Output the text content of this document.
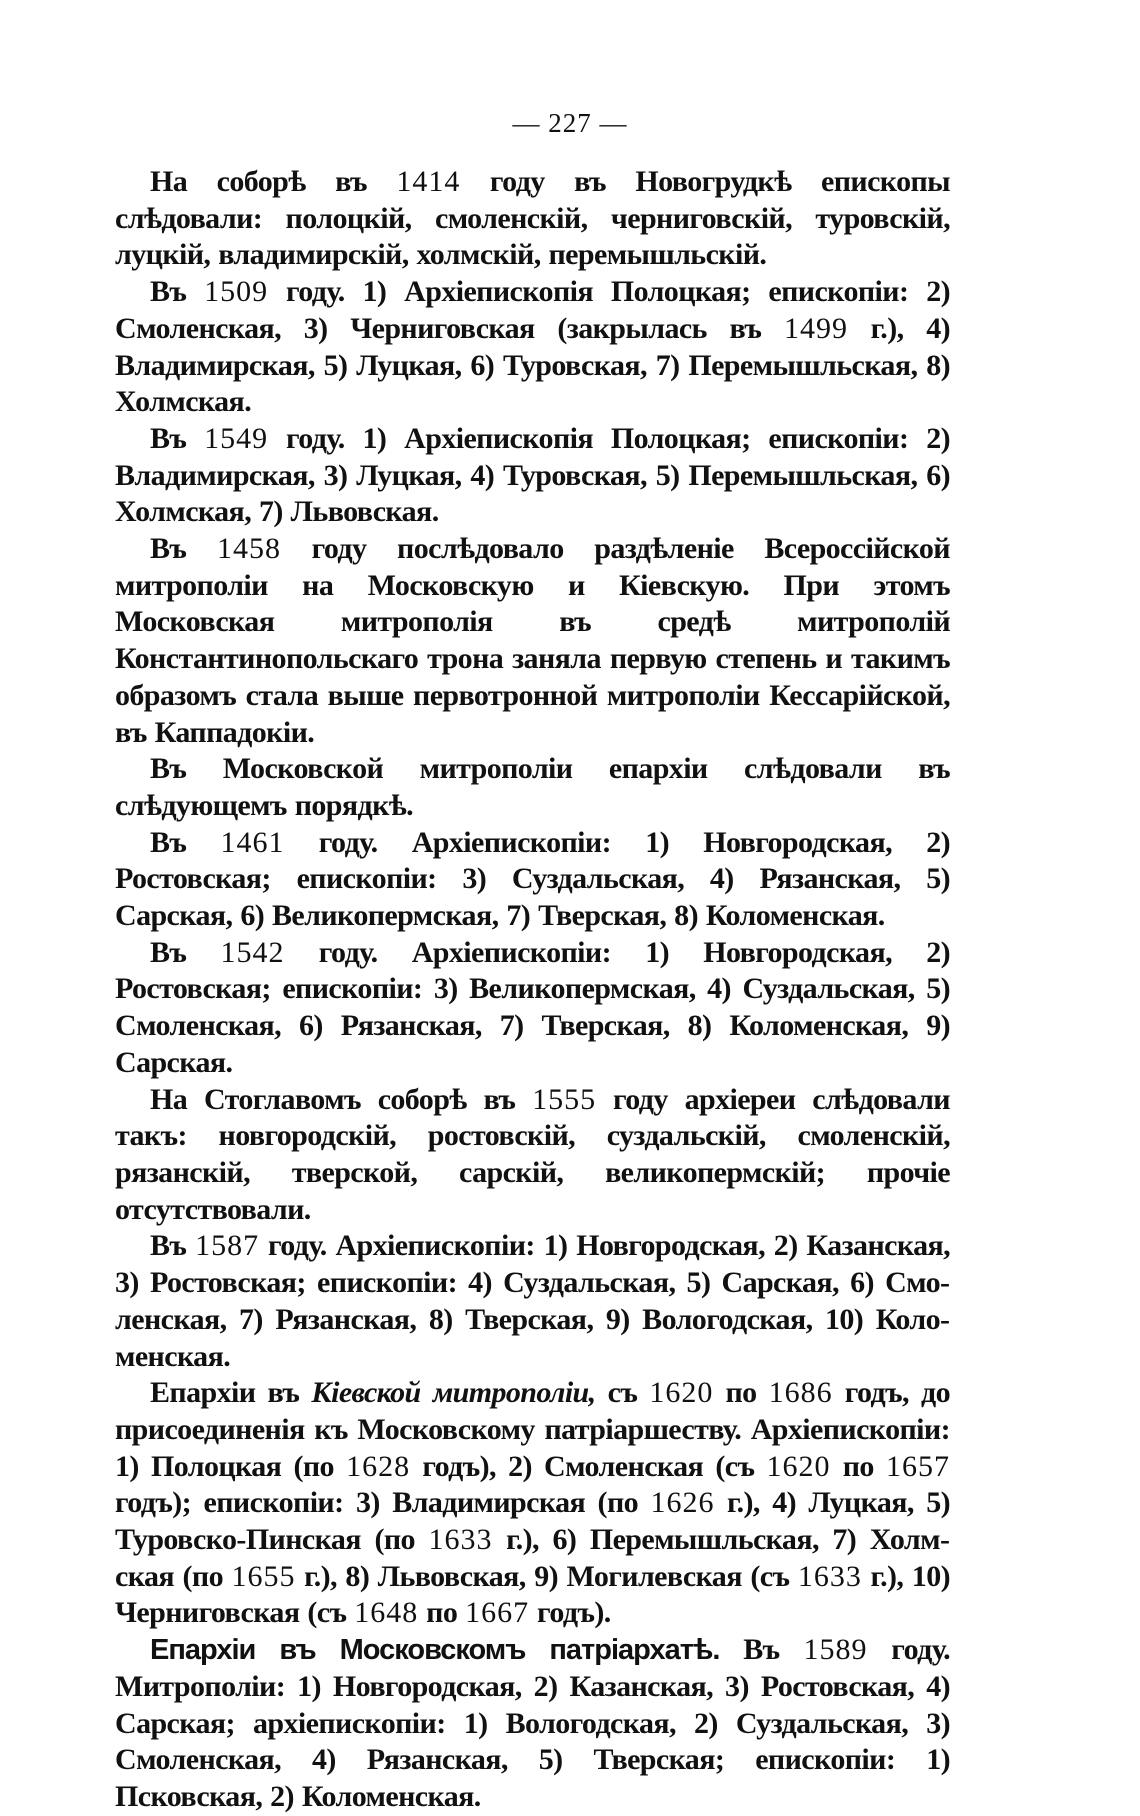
— 227 —

На соборѣ въ 1414 году въ Новогрудкѣ епископы слѣдовали: полоцкій, смоленскій, черниговскій, туровскій, луцкій, владимирскій, холмскій, перемышльскій.

Въ 1509 году. 1) Архіепископія Полоцкая; епископіи: 2) Смоленская, 3) Черниговская (закрылась въ 1499 г.), 4) Владимирская, 5) Луцкая, 6) Туровская, 7) Перемышльская, 8) Холмская.

Въ 1549 году. 1) Архіепископія Полоцкая; епископіи: 2) Владимирская, 3) Луцкая, 4) Туровская, 5) Перемышльская, 6) Холмская, 7) Львовская.

Въ 1458 году послѣдовало раздѣленіе Всероссійской митрополіи на Московскую и Кіевскую. При этомъ Московская митрополія въ средѣ митрополій Константинопольскаго трона заняла первую степень и такимъ образомъ стала выше первотронной митрополіи Кессарійской, въ Каппадокіи.

Въ Московской митрополіи епархіи слѣдовали въ слѣдующемъ порядкѣ.

Въ 1461 году. Архіепископіи: 1) Новгородская, 2) Ростовская; епископіи: 3) Суздальская, 4) Рязанская, 5) Сарская, 6) Великопермская, 7) Тверская, 8) Коломенская.

Въ 1542 году. Архіепископіи: 1) Новгородская, 2) Ростовская; епископіи: 3) Великопермская, 4) Суздальская, 5) Смоленская, 6) Рязанская, 7) Тверская, 8) Коломенская, 9) Сарская.

На Стоглавомъ соборѣ въ 1555 году архіереи слѣдовали такъ: новгородскій, ростовскій, суздальскій, смоленскій, рязанскій, тверской, сарскій, великопермскій; прочіе отсутствовали.

Въ 1587 году. Архіепископіи: 1) Новгородская, 2) Казанская, 3) Ростовская; епископіи: 4) Суздальская, 5) Сарская, 6) Смоленская, 7) Рязанская, 8) Тверская, 9) Вологодская, 10) Коломенская.

Епархіи въ Кіевской митрополіи, съ 1620 по 1686 годъ, до присоединенія къ Московскому патріаршеству. Архіепископіи: 1) Полоцкая (по 1628 годъ), 2) Смоленская (съ 1620 по 1657 годъ); епископіи: 3) Владимирская (по 1626 г.), 4) Луцкая, 5) Туровско-Пинская (по 1633 г.), 6) Перемышльская, 7) Холмская (по 1655 г.), 8) Львовская, 9) Могилевская (съ 1633 г.), 10) Черниговская (съ 1648 по 1667 годъ).

Епархіи въ Московскомъ патріархатѣ. Въ 1589 году. Митрополіи: 1) Новгородская, 2) Казанская, 3) Ростовская, 4) Сарская; архіепископіи: 1) Вологодская, 2) Суздальская, 3) Смоленская, 4) Рязанская, 5) Тверская; епископіи: 1) Псковская, 2) Коломенская.
